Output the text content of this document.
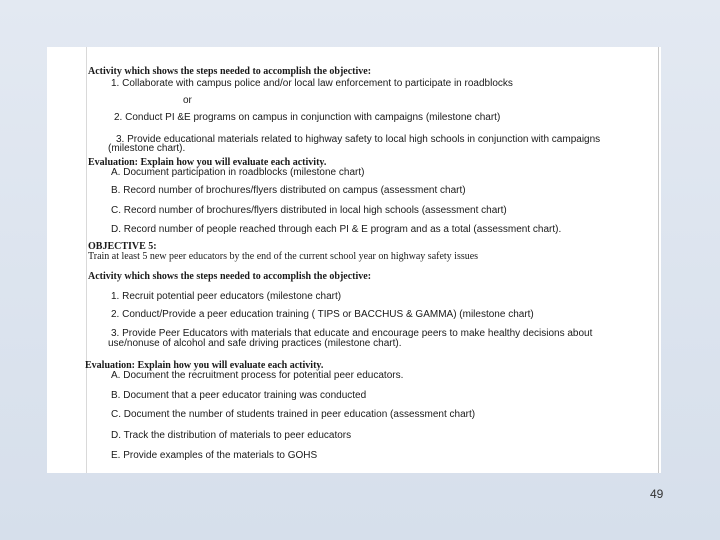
Activity which shows the steps needed to accomplish the objective:
1. Collaborate with campus police and/or local law enforcement to participate in roadblocks
or
2. Conduct PI &E programs on campus in conjunction with campaigns (milestone chart)
3. Provide educational materials related to highway safety to local high schools in conjunction with campaigns
(milestone chart).
Evaluation: Explain how you will evaluate each activity.
A. Document participation in roadblocks (milestone chart)
B. Record number of brochures/flyers distributed on campus (assessment chart)
C. Record number of brochures/flyers distributed in local high schools (assessment chart)
D. Record number of people reached through each PI & E program and as a total (assessment chart).
OBJECTIVE 5:
Train at least 5 new peer educators by the end of the current school year on highway safety issues
Activity which shows the steps needed to accomplish the objective:
1. Recruit potential peer educators (milestone chart)
2. Conduct/Provide a peer education training ( TIPS or BACCHUS & GAMMA) (milestone chart)
3. Provide Peer Educators with materials that educate and encourage peers to make healthy decisions about
use/nonuse of alcohol and safe driving practices (milestone chart).
Evaluation: Explain how you will evaluate each activity.
A. Document the recruitment process for potential peer educators.
B. Document that a peer educator training was conducted
C. Document the number of students trained in peer education (assessment chart)
D. Track the distribution of materials to peer educators
E. Provide examples of the materials to GOHS
49
